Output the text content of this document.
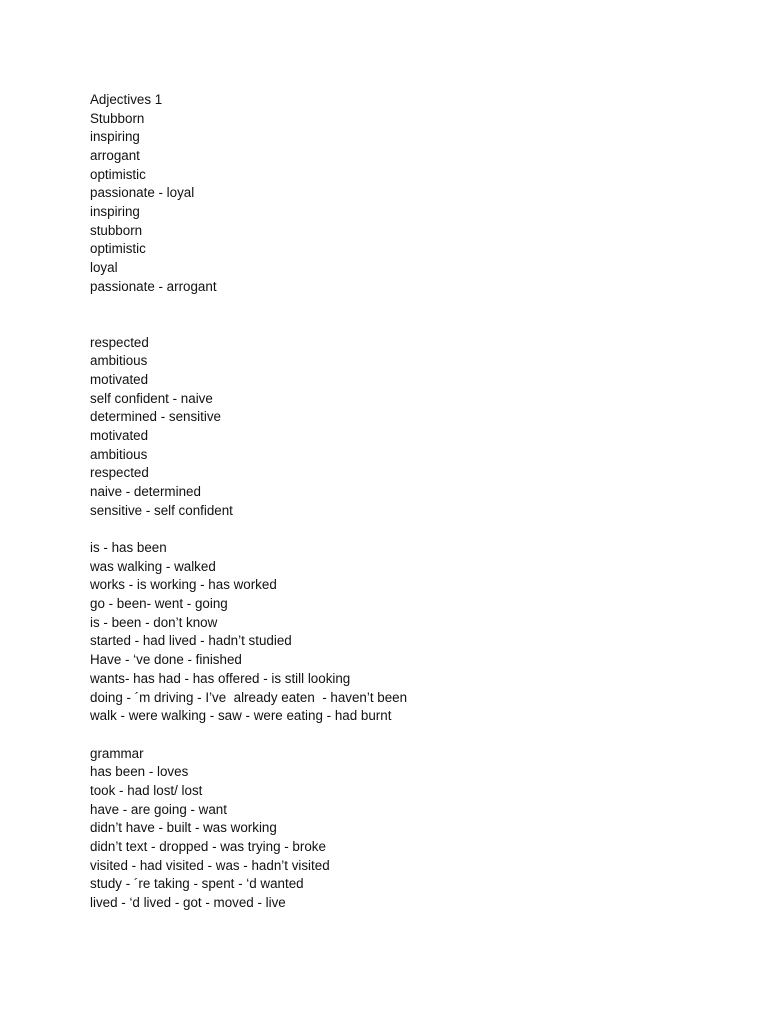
Adjectives 1

Stubborn

inspiring

arrogant

optimistic

passionate - loyal

inspiring

stubborn

optimistic

loyal

passionate - arrogant

respected

ambitious

motivated

self confident - naive

determined - sensitive

motivated

ambitious

respected

naive - determined

sensitive - self confident

is - has been

was walking - walked

works - is working - has worked

go - been- went - going

is - been - don’t know

started - had lived - hadn’t studied

Have - ‘ve done - finished

wants- has had - has offered - is still looking

doing - ´m driving - I’ve  already eaten  - haven’t been

walk - were walking - saw - were eating - had burnt

grammar

has been - loves

took - had lost/ lost

have - are going - want

didn’t have - built - was working

didn’t text - dropped - was trying - broke

visited - had visited - was - hadn’t visited

study - ´re taking - spent - ‘d wanted

lived - ‘d lived - got - moved - live
